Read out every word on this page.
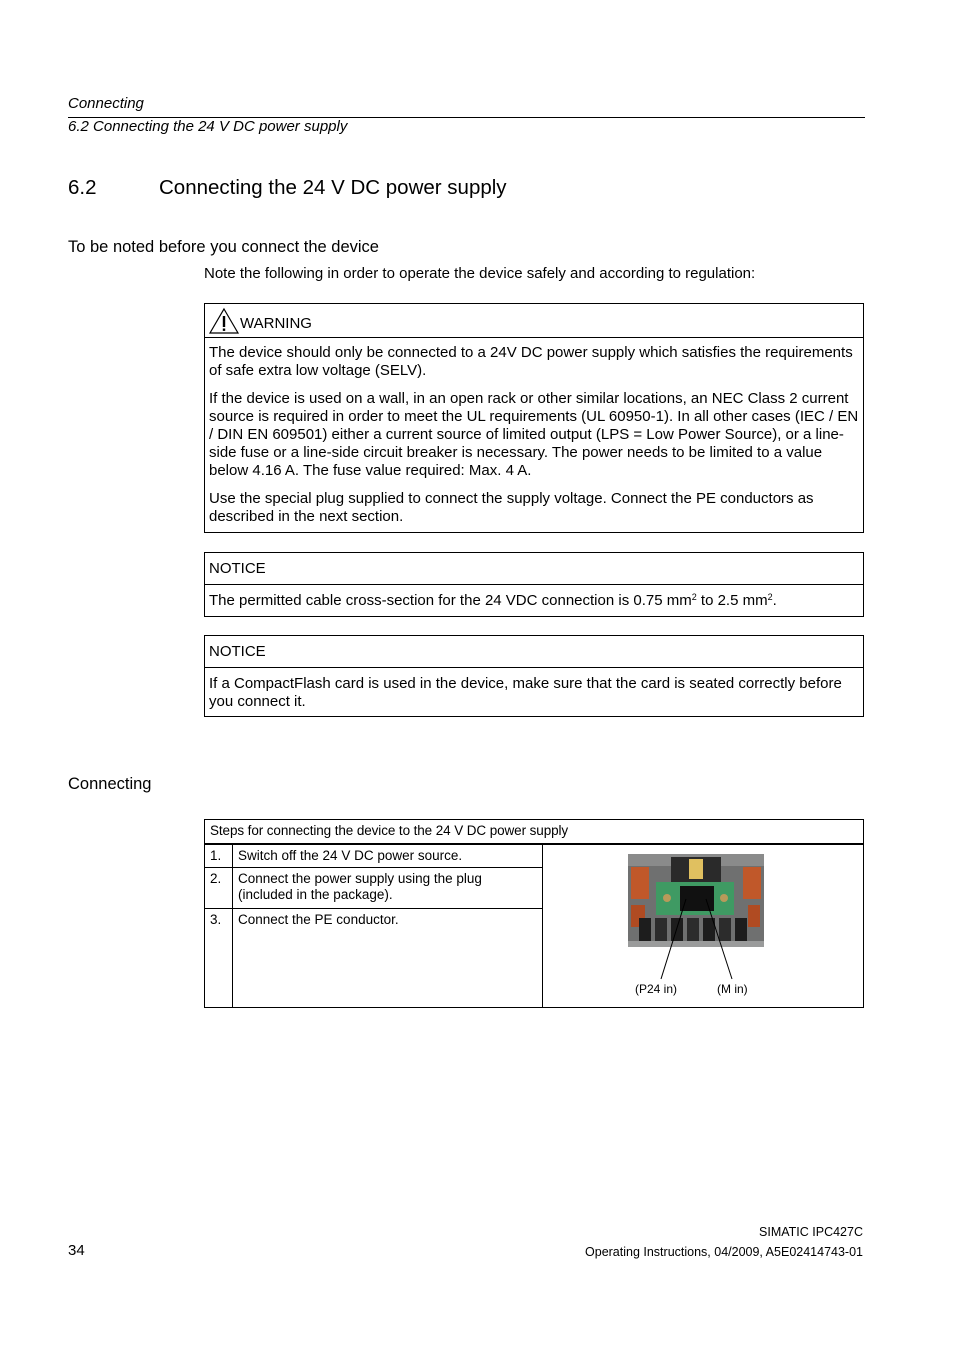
Connecting
6.2 Connecting the 24 V DC power supply
6.2	Connecting the 24 V DC power supply
To be noted before you connect the device
Note the following in order to operate the device safely and according to regulation:
WARNING

The device should only be connected to a 24V DC power supply which satisfies the requirements of safe extra low voltage (SELV).

If the device is used on a wall, in an open rack or other similar locations, an NEC Class 2 current source is required in order to meet the UL requirements (UL 60950-1). In all other cases (IEC / EN / DIN EN 609501) either a current source of limited output (LPS = Low Power Source), or a line-side fuse or a line-side circuit breaker is necessary. The power needs to be limited to a value below 4.16 A. The fuse value required: Max. 4 A.

Use the special plug supplied to connect the supply voltage. Connect the PE conductors as described in the next section.

NOTICE
The permitted cable cross-section for the 24 VDC connection is 0.75 $mm^2$ to 2.5 $mm^2$.
NOTICE
If a CompactFlash card is used in the device, make sure that the card is seated correctly before you connect it.
Connecting
Steps for connecting the device to the 24 V DC power supply		
1.	Switch off the 24 V DC power source.	(P24 in) (M in)

2.	Connect the power supply using the plug (included in the package).	
3.	Connect the PE conductor.	
34
SIMATIC IPC427C
Operating Instructions, 04/2009, A5E02414743-01
